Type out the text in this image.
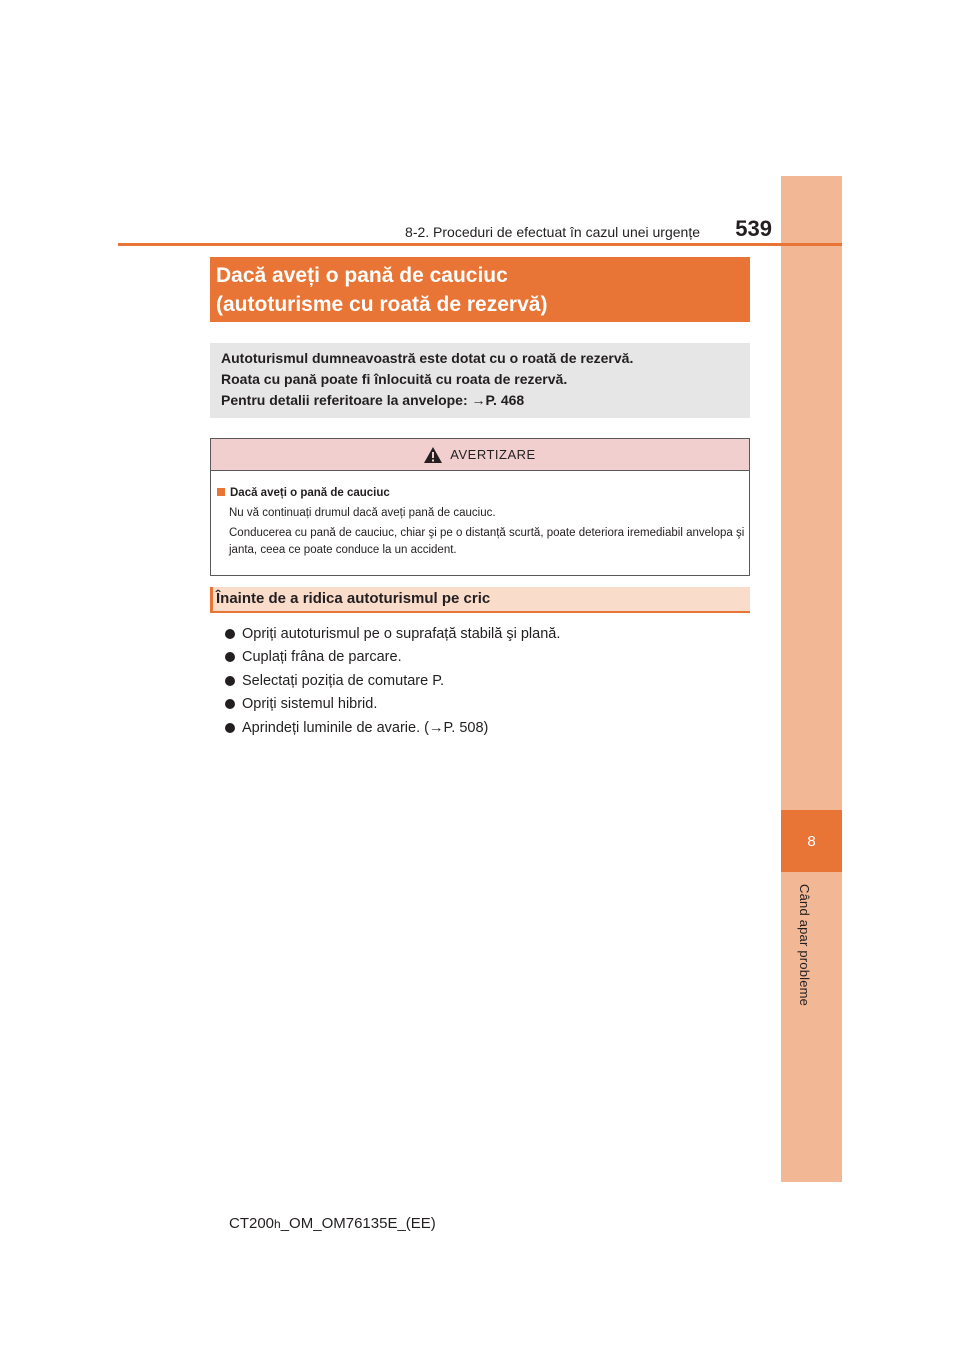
8
Când apar probleme
8-2. Proceduri de efectuat în cazul unei urgențe 539
Dacă aveți o pană de cauciuc
(autoturisme cu roată de rezervă)
Autoturismul dumneavoastră este dotat cu o roată de rezervă.
Roata cu pană poate fi înlocuită cu roata de rezervă.
Pentru detalii referitoare la anvelope: →P. 468
AVERTIZARE
Dacă aveți o pană de cauciuc
Nu vă continuați drumul dacă aveți pană de cauciuc.
Conducerea cu pană de cauciuc, chiar şi pe o distanță scurtă, poate deteriora iremediabil anvelopa şi janta, ceea ce poate conduce la un accident.
Înainte de a ridica autoturismul pe cric
Opriți autoturismul pe o suprafață stabilă şi plană.
Cuplați frâna de parcare.
Selectați poziția de comutare P.
Opriți sistemul hibrid.
Aprindeți luminile de avarie. (→P. 508)
CT200h_OM_OM76135E_(EE)
